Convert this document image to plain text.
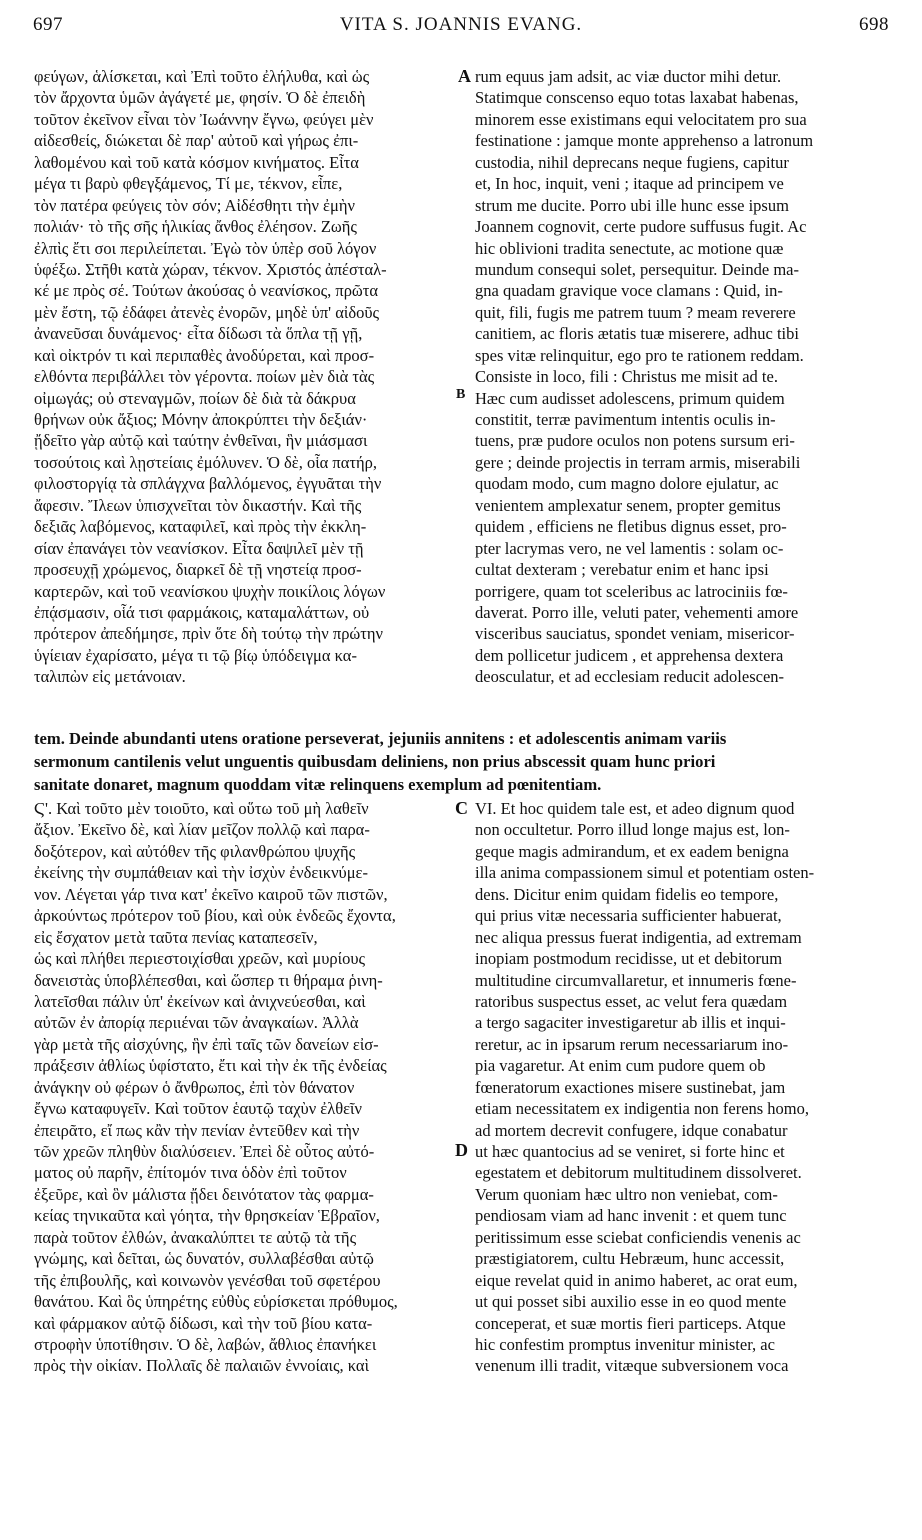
697	VITA S. JOANNIS EVANG.	698
φεύγων, ἁλίσκεται, καὶ Ἐπὶ τοῦτο ἐλήλυθα, καὶ ὡς
τὸν ἄρχοντα ὑμῶν ἀγάγετέ με, φησίν. Ὁ δὲ ἐπειδὴ
τοῦτον ἐκεῖνον εἶναι τὸν Ἰωάννην ἔγνω, φεύγει μὲν
αἰδεσθείς, διώκεται δὲ παρ' αὐτοῦ καὶ γήρως ἐπι-
λαθομένου καὶ τοῦ κατὰ κόσμον κινήματος. Εἶτα
μέγα τι βαρὺ φθεγξάμενος, Τί με, τέκνον, εἶπε,
τὸν πατέρα φεύγεις τὸν σόν; Αἰδέσθητι τὴν ἐμὴν
πολιάν· τὸ τῆς σῆς ἡλικίας ἄνθος ἐλέησον. Ζωῆς
ἐλπὶς ἔτι σοι περιλείπεται. Ἐγὼ τὸν ὑπὲρ σοῦ λόγον
ὑφέξω. Στῆθι κατὰ χώραν, τέκνον. Χριστός ἀπέσταλ-
κέ με πρὸς σέ. Τούτων ἀκούσας ὁ νεανίσκος, πρῶτα
μὲν ἔστη, τῷ ἐδάφει ἀτενὲς ἐνορῶν, μηδὲ ὑπ' αἰδοῦς
ἀνανεῦσαι δυνάμενος· εἶτα δίδωσι τὰ ὅπλα τῇ γῇ,
καὶ οἰκτρόν τι καὶ περιπαθὲς ἀνοδύρεται, καὶ προσ-
ελθόντα περιβάλλει τὸν γέροντα. ποίων μὲν διὰ τὰς
οἰμωγάς; οὐ στεναγμῶν, ποίων δὲ διὰ τὰ δάκρυα
θρήνων οὐκ ἄξιος; Μόνην ἀποκρύπτει τὴν δεξιάν·
ᾔδεῖτο γὰρ αὐτῷ καὶ ταύτην ἐνθεῖναι, ἣν μιάσμασι
τοσούτοις καὶ λῃστείαις ἐμόλυνεν. Ὁ δὲ, οἷα πατήρ,
φιλοστοργίᾳ τὰ σπλάγχνα βαλλόμενος, ἐγγυᾶται τὴν
ἄφεσιν. Ἴλεων ὑπισχνεῖται τὸν δικαστήν. Καὶ τῆς
δεξιᾶς λαβόμενος, καταφιλεῖ, καὶ πρὸς τὴν ἐκκλη-
σίαν ἐπανάγει τὸν νεανίσκον. Εἶτα δαψιλεῖ μὲν τῇ
προσευχῇ χρώμενος, διαρκεῖ δὲ τῇ νηστείᾳ προσ-
καρτερῶν, καὶ τοῦ νεανίσκου ψυχὴν ποικίλοις λόγων
ἐπᾴσμασιν, οἷά τισι φαρμάκοις, καταμαλάττων, οὐ
πρότερον ἀπεδήμησε, πρὶν ὅτε δὴ τούτῳ τὴν πρώτην
ὑγίειαν ἐχαρίσατο, μέγα τι τῷ βίῳ ὑπόδειγμα κα-
ταλιπὼν εἰς μετάνοιαν.
rum equus jam adsit, ac viæ ductor mihi detur.
Statimque conscenso equo totas laxabat habenas,
minorem esse existimans equi velocitatem pro sua
festinatione : jamque monte apprehenso a latronum
custodia, nihil deprecans neque fugiens, capitur
et, In hoc, inquit, veni ; itaque ad principem ve
strum me ducite. Porro ubi ille hunc esse ipsum
Joannem cognovit, certe pudore suffusus fugit. Ac
hic oblivioni tradita senectute, ac motione quæ
mundum consequi solet, persequitur. Deinde ma-
gna quadam gravique voce clamans : Quid, in-
quit, fili, fugis me patrem tuum ? meam reverere
canitiem, ac floris ætatis tuæ miserere, adhuc tibi
spes vitæ relinquitur, ego pro te rationem reddam.
Consiste in loco, fili : Christus me misit ad te.
Hæc cum audisset adolescens, primum quidem
constitit, terræ pavimentum intentis oculis in-
tuens, præ pudore oculos non potens sursum eri-
gere ; deinde projectis in terram armis, miserabili
quodam modo, cum magno dolore ejulatur, ac
venientem amplexatur senem, propter gemitus
quidem , efficiens ne fletibus dignus esset, pro-
pter lacrymas vero, ne vel lamentis : solam oc-
cultat dexteram ; verebatur enim et hanc ipsi
porrigere, quam tot sceleribus ac latrociniis fœ-
daverat. Porro ille, veluti pater, vehementi amore
visceribus sauciatus, spondet veniam, misericor-
dem pollicetur judicem , et apprehensa dextera
deosculatur, et ad ecclesiam reducit adolescen-
A
B
tem. Deinde abundanti utens oratione perseverat, jejuniis annitens : et adolescentis animam variis
sermonum cantilenis velut unguentis quibusdam deliniens, non prius abscessit quam hunc priori
sanitate donaret, magnum quoddam vitæ relinquens exemplum ad pœnitentiam.
Ϛ'. Καὶ τοῦτο μὲν τοιοῦτο, καὶ οὕτω τοῦ μὴ λαθεῖν
ἄξιον. Ἐκεῖνο δὲ, καὶ λίαν μεῖζον πολλῷ καὶ παρα-
δοξότερον, καὶ αὐτόθεν τῆς φιλανθρώπου ψυχῆς
ἐκείνης τὴν συμπάθειαν καὶ τὴν ἰσχὺν ἐνδεικνύμε-
νον. Λέγεται γάρ τινα κατ' ἐκεῖνο καιροῦ τῶν πιστῶν,
ἀρκούντως πρότερον τοῦ βίου, καὶ οὐκ ἐνδεῶς ἔχοντα,
εἰς ἔσχατον μετὰ ταῦτα πενίας καταπεσεῖν,
ὡς καὶ πλήθει περιεστοιχίσθαι χρεῶν, καὶ μυρίους
δανειστὰς ὑποβλέπεσθαι, καὶ ὥσπερ τι θήραμα ῥινη-
λατεῖσθαι πάλιν ὑπ' ἐκείνων καὶ ἀνιχνεύεσθαι, καὶ
αὐτῶν ἐν ἀπορίᾳ περιιέναι τῶν ἀναγκαίων. Ἀλλὰ
γὰρ μετὰ τῆς αἰσχύνης, ἣν ἐπὶ ταῖς τῶν δανείων εἰσ-
πράξεσιν ἀθλίως ὑφίστατο, ἔτι καὶ τὴν ἐκ τῆς ἐνδείας
ἀνάγκην οὐ φέρων ὁ ἄνθρωπος, ἐπὶ τὸν θάνατον
ἔγνω καταφυγεῖν. Καὶ τοῦτον ἑαυτῷ ταχὺν ἐλθεῖν
ἐπειρᾶτο, εἴ πως κἂν τὴν πενίαν ἐντεῦθεν καὶ τὴν
τῶν χρεῶν πληθὺν διαλύσειεν. Ἐπεὶ δὲ οὗτος αὐτό-
ματος οὐ παρῆν, ἐπίτομόν τινα ὁδὸν ἐπὶ τοῦτον
ἐξεῦρε, καὶ ὃν μάλιστα ᾔδει δεινότατον τὰς φαρμα-
κείας τηνικαῦτα καὶ γόητα, τὴν θρησκείαν Ἑβραῖον,
παρὰ τοῦτον ἐλθών, ἀνακαλύπτει τε αὐτῷ τὰ τῆς
γνώμης, καὶ δεῖται, ὡς δυνατόν, συλλαβέσθαι αὐτῷ
τῆς ἐπιβουλῆς, καὶ κοινωνὸν γενέσθαι τοῦ σφετέρου
θανάτου. Καὶ ὃς ὑπηρέτης εὐθὺς εὑρίσκεται πρόθυμος,
καὶ φάρμακον αὐτῷ δίδωσι, καὶ τὴν τοῦ βίου κατα-
στροφὴν ὑποτίθησιν. Ὁ δὲ, λαβών, ἄθλιος ἐπανήκει
πρὸς τὴν οἰκίαν. Πολλαῖς δὲ παλαιῶν ἐννοίαις, καὶ
VI. Et hoc quidem tale est, et adeo dignum quod
non occultetur. Porro illud longe majus est, lon-
geque magis admirandum, et ex eadem benigna
illa anima compassionem simul et potentiam osten-
dens. Dicitur enim quidam fidelis eo tempore,
qui prius vitæ necessaria sufficienter habuerat,
nec aliqua pressus fuerat indigentia, ad extremam
inopiam postmodum recidisse, ut et debitorum
multitudine circumvallaretur, et innumeris fœne-
ratoribus suspectus esset, ac velut fera quædam
a tergo sagaciter investigaretur ab illis et inqui-
reretur, ac in ipsarum rerum necessariarum ino-
pia vagaretur. At enim cum pudore quem ob
fœneratorum exactiones misere sustinebat, jam
etiam necessitatem ex indigentia non ferens homo,
ad mortem decrevit confugere, idque conabatur
ut hæc quantocius ad se veniret, si forte hinc et
egestatem et debitorum multitudinem dissolveret.
Verum quoniam hæc ultro non veniebat, com-
pendiosam viam ad hanc invenit : et quem tunc
peritissimum esse sciebat conficiendis venenis ac
præstigiatorem, cultu Hebræum, hunc accessit,
eique revelat quid in animo haberet, ac orat eum,
ut qui posset sibi auxilio esse in eo quod mente
conceperat, et suæ mortis fieri particeps. Atque
hic confestim promptus invenitur minister, ac
venenum illi tradit, vitæque subversionem voca
C
D
